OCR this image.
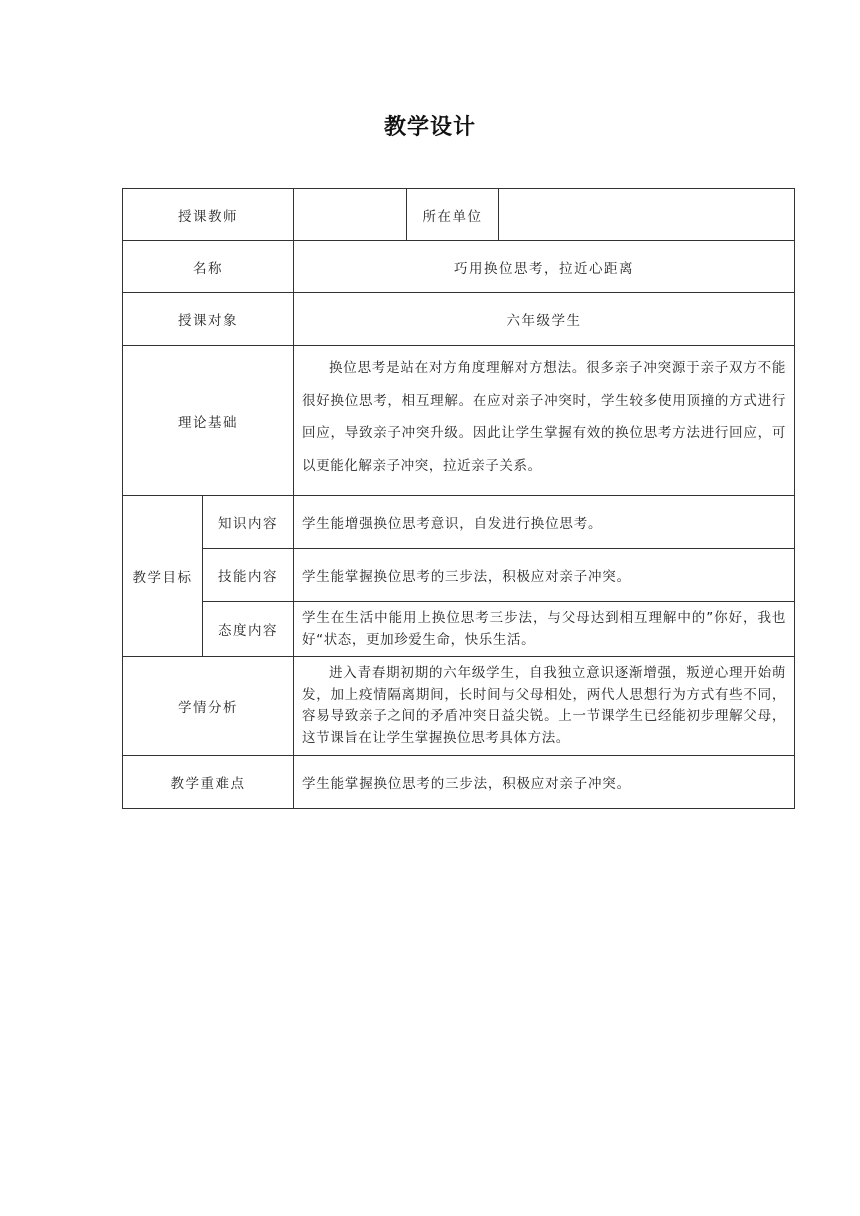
教学设计
授课教师			所在单位	
名称		巧用换位思考，拉近心距离		
授课对象		六年级学生		
理论基础		换位思考是站在对方角度理解对方想法。很多亲子冲突源于亲子双方不能很好换位思考，相互理解。在应对亲子冲突时，学生较多使用顶撞的方式进行回应，导致亲子冲突升级。因此让学生掌握有效的换位思考方法进行回应，可以更能化解亲子冲突，拉近亲子关系。		
教学目标	知识内容	学生能增强换位思考意识，自发进行换位思考。		
	技能内容	学生能掌握换位思考的三步法，积极应对亲子冲突。		
	态度内容	学生在生活中能用上换位思考三步法，与父母达到相互理解中的”你好，我也好“状态，更加珍爱生命，快乐生活。		
学情分析		进入青春期初期的六年级学生，自我独立意识逐渐增强，叛逆心理开始萌发，加上疫情隔离期间，长时间与父母相处，两代人思想行为方式有些不同，容易导致亲子之间的矛盾冲突日益尖锐。上一节课学生已经能初步理解父母，这节课旨在让学生掌握换位思考具体方法。		
教学重难点		学生能掌握换位思考的三步法，积极应对亲子冲突。		
